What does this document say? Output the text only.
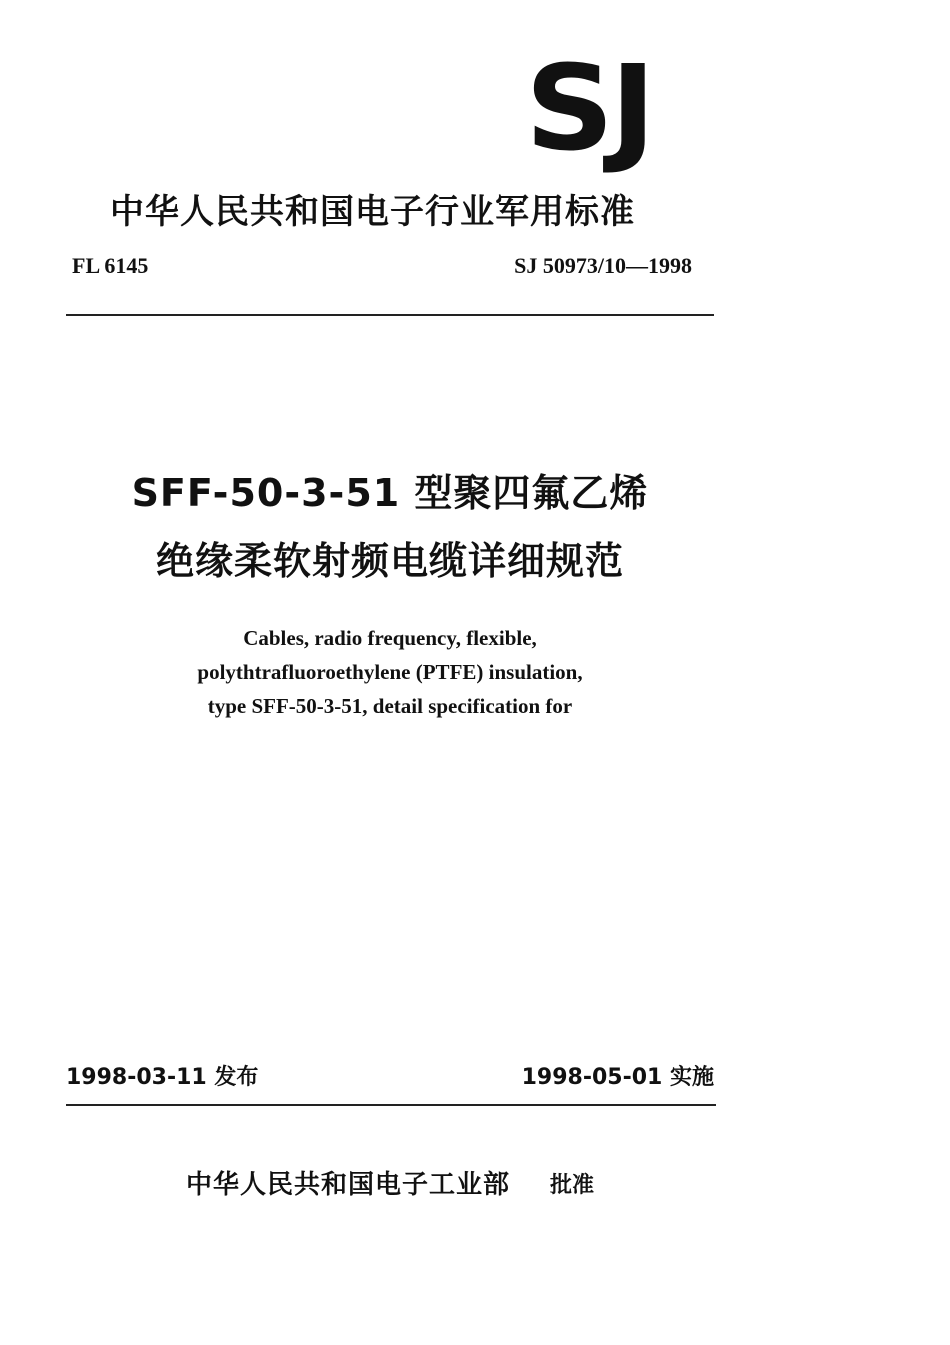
SJ
中华人民共和国电子行业军用标准
FL 6145	SJ 50973/10—1998
SFF-50-3-51 型聚四氟乙烯
绝缘柔软射频电缆详细规范
Cables, radio frequency, flexible,
polythtrafluoroethylene (PTFE) insulation,
type SFF-50-3-51, detail specification for
1998-03-11 发布	1998-05-01 实施
中华人民共和国电子工业部 批准
